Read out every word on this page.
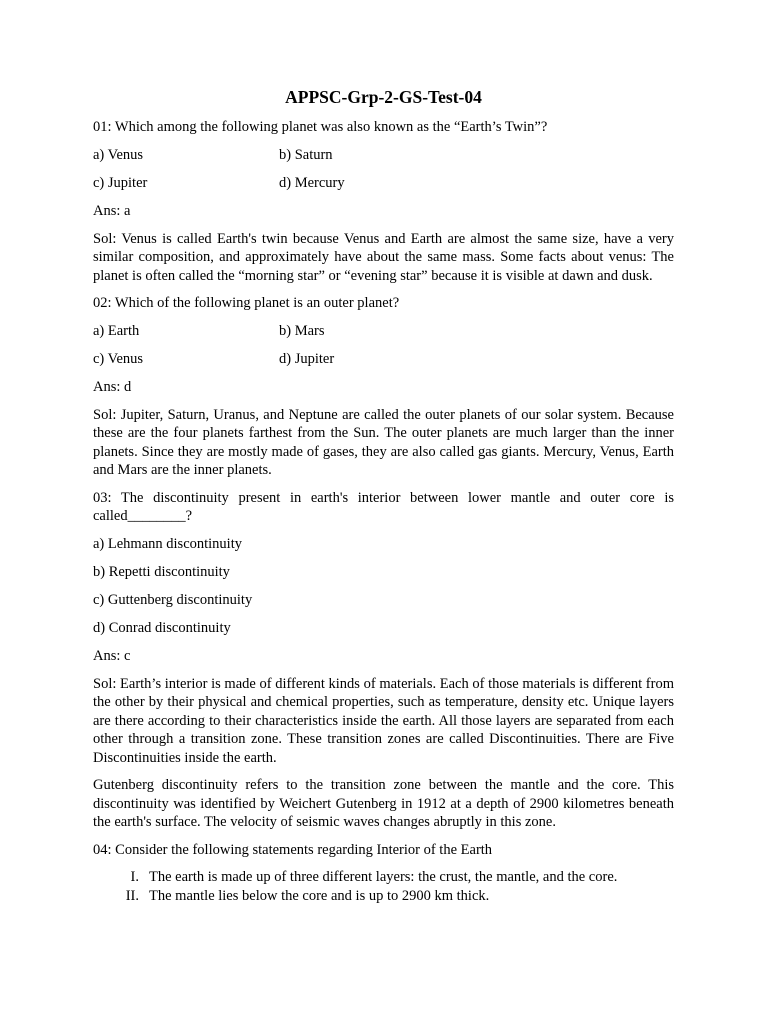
APPSC-Grp-2-GS-Test-04

01: Which among the following planet was also known as the “Earth’s Twin”?

a) Venus	b) Saturn
c) Jupiter	d) Mercury

Ans: a

Sol: Venus is called Earth's twin because Venus and Earth are almost the same size, have a very similar composition, and approximately have about the same mass. Some facts about venus: The planet is often called the “morning star” or “evening star” because it is visible at dawn and dusk.

02: Which of the following planet is an outer planet?

a) Earth	b) Mars
c) Venus	d) Jupiter

Ans: d

Sol: Jupiter, Saturn, Uranus, and Neptune are called the outer planets of our solar system. Because these are the four planets farthest from the Sun. The outer planets are much larger than the inner planets. Since they are mostly made of gases, they are also called gas giants. Mercury, Venus, Earth and Mars are the inner planets.

03: The discontinuity present in earth's interior between lower mantle and outer core is called________?

a) Lehmann discontinuity

b) Repetti discontinuity

c) Guttenberg discontinuity

d) Conrad discontinuity

Ans: c

Sol: Earth’s interior is made of different kinds of materials. Each of those materials is different from the other by their physical and chemical properties, such as temperature, density etc. Unique layers are there according to their characteristics inside the earth. All those layers are separated from each other through a transition zone. These transition zones are called Discontinuities. There are Five Discontinuities inside the earth.

Gutenberg discontinuity refers to the transition zone between the mantle and the core. This discontinuity was identified by Weichert Gutenberg in 1912 at a depth of 2900 kilometres beneath the earth's surface. The velocity of seismic waves changes abruptly in this zone.

04: Consider the following statements regarding Interior of the Earth

I. The earth is made up of three different layers: the crust, the mantle, and the core.
II. The mantle lies below the core and is up to 2900 km thick.
